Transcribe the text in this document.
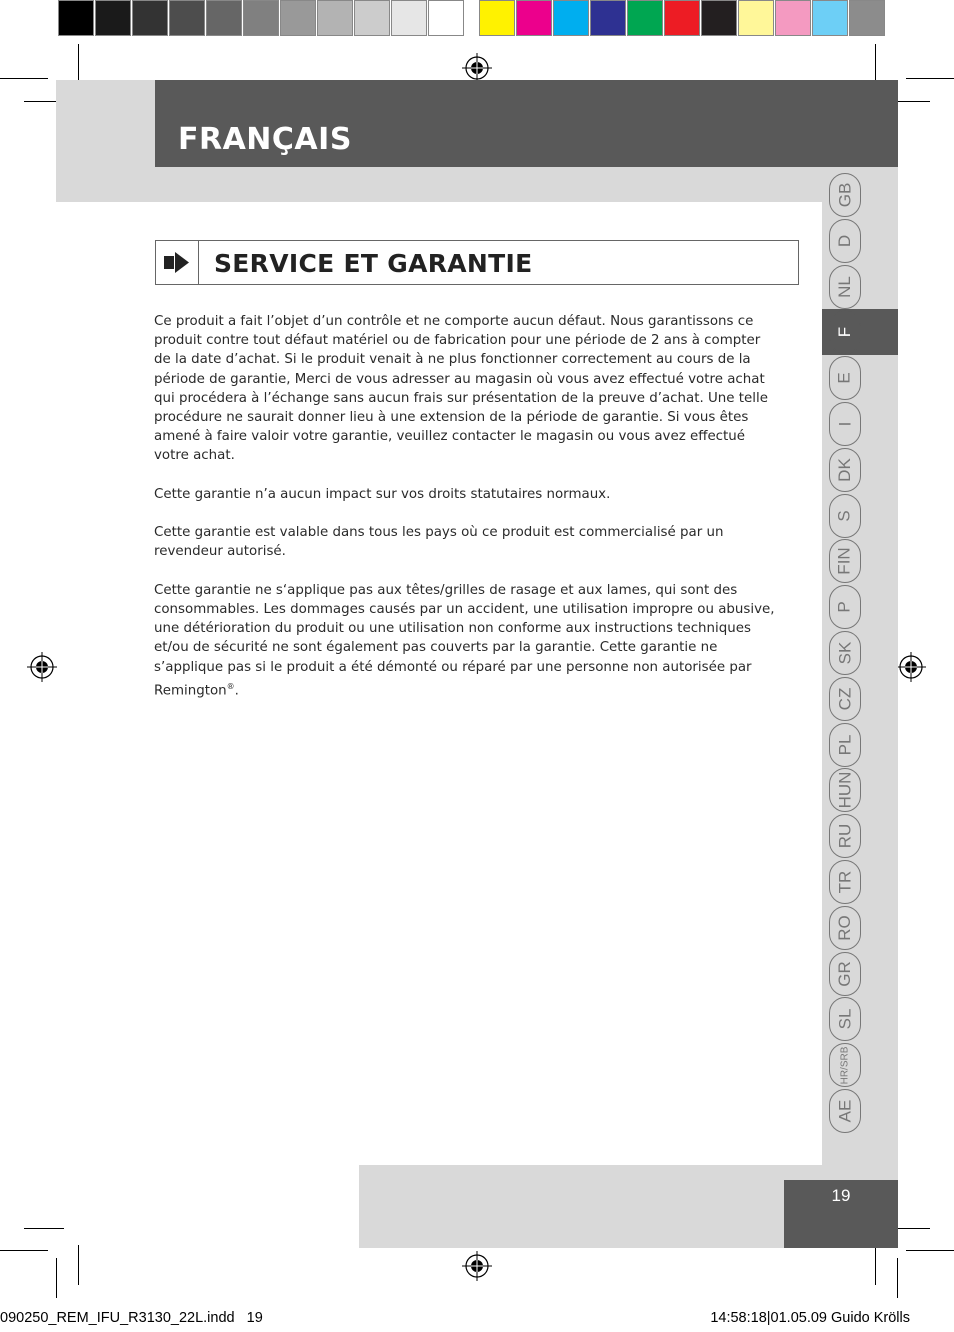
FRANÇAIS
19
SERVICE ET GARANTIE

Ce produit a fait l’objet d’un contrôle et ne comporte aucun défaut. Nous garantissons ce produit contre tout défaut matériel ou de fabrication pour une période de 2 ans à compter de la date d’achat. Si le produit venait à ne plus fonctionner correctement au cours de la période de garantie, Merci de vous adresser au magasin où vous avez effectué votre achat qui procédera à l’échange sans aucun frais sur présentation de la preuve d’achat. Une telle procédure ne saurait donner lieu à une extension de la période de garantie. Si vous êtes amené à faire valoir votre garantie, veuillez contacter le magasin ou vous avez effectué votre achat.

Cette garantie n’a aucun impact sur vos droits statutaires normaux.

Cette garantie est valable dans tous les pays où ce produit est commercialisé par un revendeur autorisé.

Cette garantie ne s‘applique pas aux têtes/grilles de rasage et aux lames, qui sont des consommables. Les dommages causés par un accident, une utilisation impropre ou abusive, une détérioration du produit ou une utilisation non conforme aux instructions techniques et/ou de sécurité ne sont également pas couverts par la garantie. Cette garantie ne s’applique pas si le produit a été démonté ou réparé par une personne non autorisée par Remington®.

GB
D
NL
F
E
I
DK
S
FIN
P
SK
CZ
PL
HUN
RU
TR
RO
GR
SL
HR/SRB
AE
090250_REM_IFU_R3130_22L.indd   19	14:58:18|01.05.09 Guido Krölls
